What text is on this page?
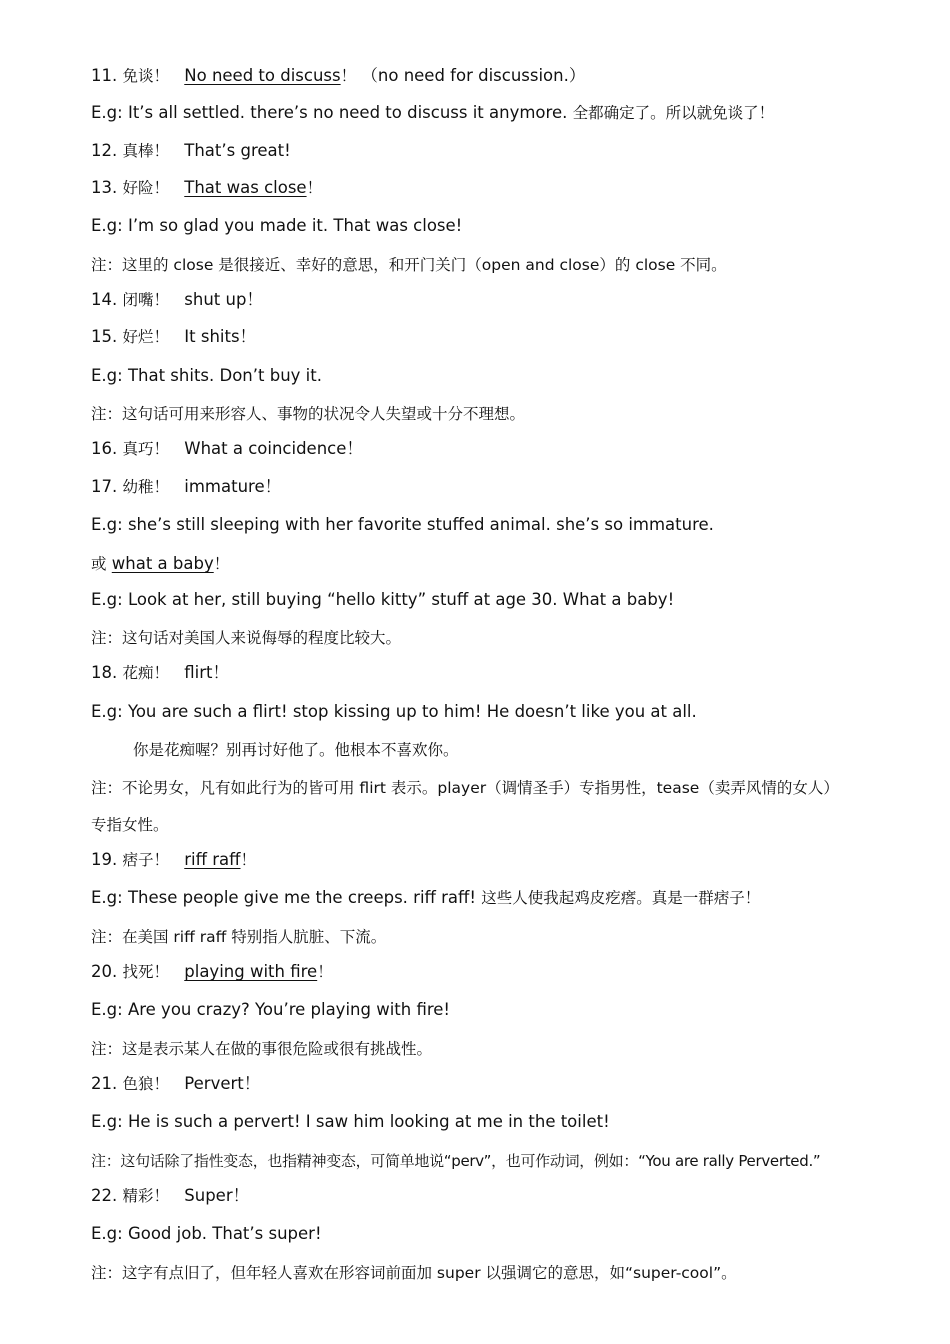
11. 免谈！ No need to discuss！ （no need for discussion.）
E.g: It’s all settled. there’s no need to discuss it anymore. 全都确定了。所以就免谈了！
12. 真棒！ That’s great!
13. 好险！ That was close！
E.g: I’m so glad you made it. That was close!
注：这里的 close 是很接近、幸好的意思，和开门关门（open and close）的 close 不同。
14. 闭嘴！ shut up！
15. 好烂！ It shits！
E.g: That shits. Don’t buy it.
注：这句话可用来形容人、事物的状况令人失望或十分不理想。
16. 真巧！ What a coincidence！
17. 幼稚！ immature！
E.g: she’s still sleeping with her favorite stuffed animal. she’s so immature.
或 what a baby！
E.g: Look at her, still buying “hello kitty” stuff at age 30. What a baby!
注：这句话对美国人来说侮辱的程度比较大。
18. 花痴！ flirt！
E.g: You are such a flirt! stop kissing up to him! He doesn’t like you at all.
你是花痴喔？别再讨好他了。他根本不喜欢你。
注：不论男女，凡有如此行为的皆可用 flirt 表示。player（调情圣手）专指男性，tease（卖弄风情的女人）
专指女性。
19. 痞子！ riff raff！
E.g: These people give me the creeps. riff raff! 这些人使我起鸡皮疙瘩。真是一群痞子！
注：在美国 riff raff 特别指人肮脏、下流。
20. 找死！ playing with fire！
E.g: Are you crazy? You’re playing with fire!
注：这是表示某人在做的事很危险或很有挑战性。
21. 色狼！ Pervert！
E.g: He is such a pervert! I saw him looking at me in the toilet!
注：这句话除了指性变态，也指精神变态，可简单地说“perv”，也可作动词，例如：“You are rally Perverted.”
22. 精彩！ Super！
E.g: Good job. That’s super!
注：这字有点旧了，但年轻人喜欢在形容词前面加 super 以强调它的意思，如“super-cool”。
